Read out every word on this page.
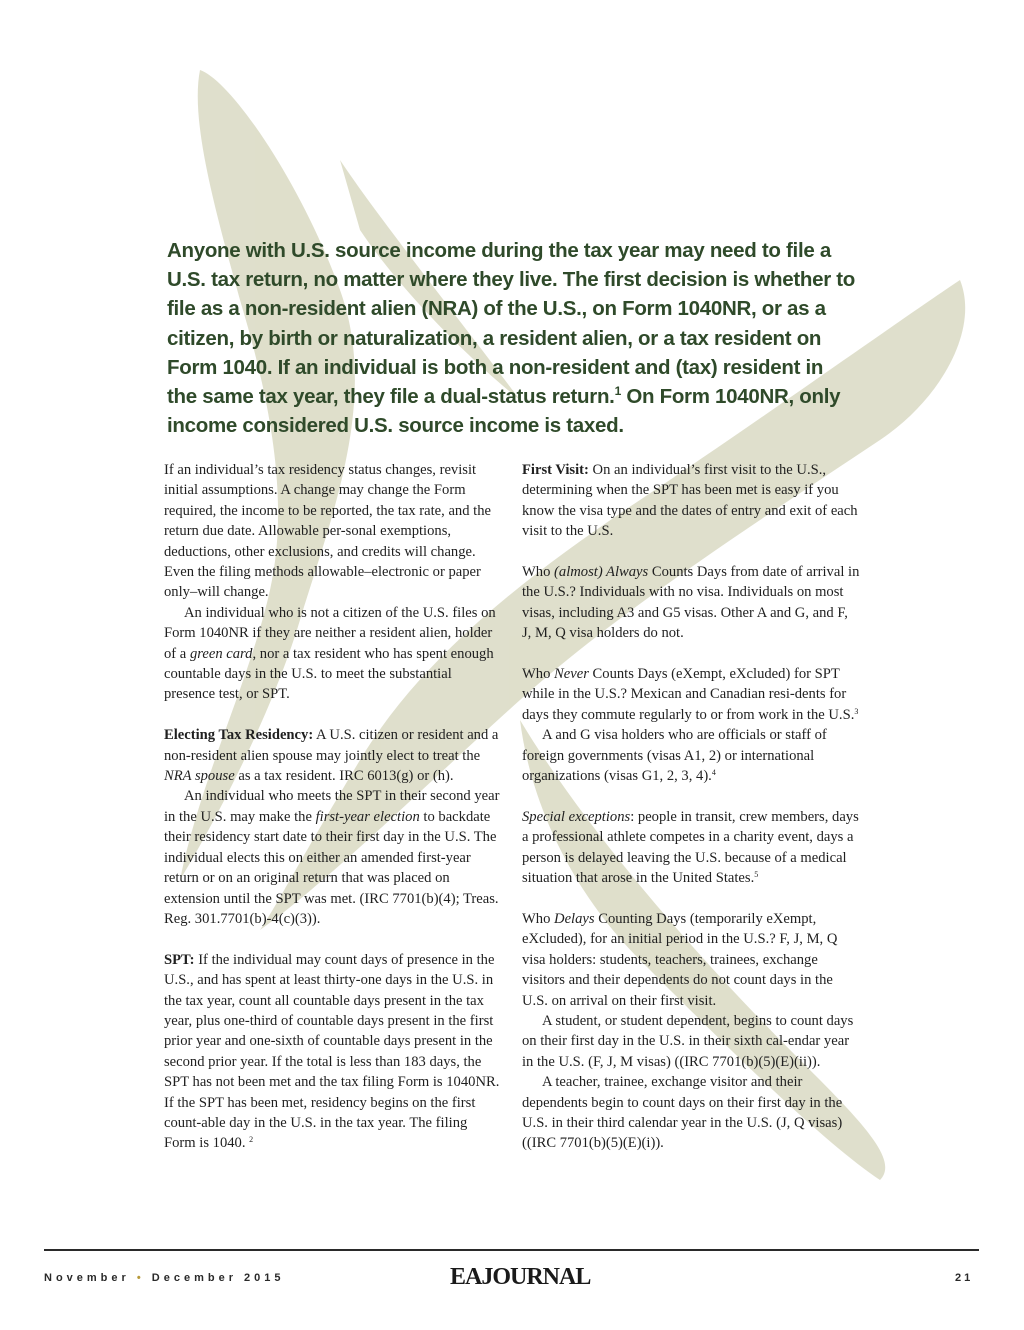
Anyone with U.S. source income during the tax year may need to file a U.S. tax return, no matter where they live. The first decision is whether to file as a non-resident alien (NRA) of the U.S., on Form 1040NR, or as a citizen, by birth or naturalization, a resident alien, or a tax resident on Form 1040. If an individual is both a non-resident and (tax) resident in the same tax year, they file a dual-status return.$^1$ On Form 1040NR, only income considered U.S. source income is taxed.

If an individual’s tax residency status changes, revisit initial assumptions. A change may change the Form required, the income to be reported, the tax rate, and the return due date. Allowable per-sonal exemptions, deductions, other exclusions, and credits will change. Even the filing methods allowable–electronic or paper only–will change.

An individual who is not a citizen of the U.S. files on Form 1040NR if they are neither a resident alien, holder of a green card, nor a tax resident who has spent enough countable days in the U.S. to meet the substantial presence test, or SPT.

Electing Tax Residency: A U.S. citizen or resident and a non-resident alien spouse may jointly elect to treat the NRA spouse as a tax resident. IRC 6013(g) or (h).

An individual who meets the SPT in their second year in the U.S. may make the first-year election to backdate their residency start date to their first day in the U.S. The individual elects this on either an amended first-year return or on an original return that was placed on extension until the SPT was met. (IRC 7701(b)(4); Treas. Reg. 301.7701(b)-4(c)(3)).

SPT: If the individual may count days of presence in the U.S., and has spent at least thirty-one days in the U.S. in the tax year, count all countable days present in the tax year, plus one-third of countable days present in the first prior year and one-sixth of countable days present in the second prior year. If the total is less than 183 days, the SPT has not been met and the tax filing Form is 1040NR. If the SPT has been met, residency begins on the first count-able day in the U.S. in the tax year. The filing Form is 1040. $^2$

First Visit: On an individual’s first visit to the U.S., determining when the SPT has been met is easy if you know the visa type and the dates of entry and exit of each visit to the U.S.

Who (almost) Always Counts Days from date of arrival in the U.S.? Individuals with no visa. Individuals on most visas, including A3 and G5 visas. Other A and G, and F, J, M, Q visa holders do not.

Who Never Counts Days (eXempt, eXcluded) for SPT while in the U.S.? Mexican and Canadian resi-dents for days they commute regularly to or from work in the U.S.$^3$

A and G visa holders who are officials or staff of foreign governments (visas A1, 2) or international organizations (visas G1, 2, 3, 4).$^4$

Special exceptions: people in transit, crew members, days a professional athlete competes in a charity event, days a person is delayed leaving the U.S. because of a medical situation that arose in the United States.$^5$

Who Delays Counting Days (temporarily eXempt, eXcluded), for an initial period in the U.S.? F, J, M, Q visa holders: students, teachers, trainees, exchange visitors and their dependents do not count days in the U.S. on arrival on their first visit.

A student, or student dependent, begins to count days on their first day in the U.S. in their sixth cal-endar year in the U.S. (F, J, M visas) ((IRC 7701(b)(5)(E)(ii)).

A teacher, trainee, exchange visitor and their dependents begin to count days on their first day in the U.S. in their third calendar year in the U.S. (J, Q visas) ((IRC 7701(b)(5)(E)(i)).

November • December 2015	EAJOURNAL	21
